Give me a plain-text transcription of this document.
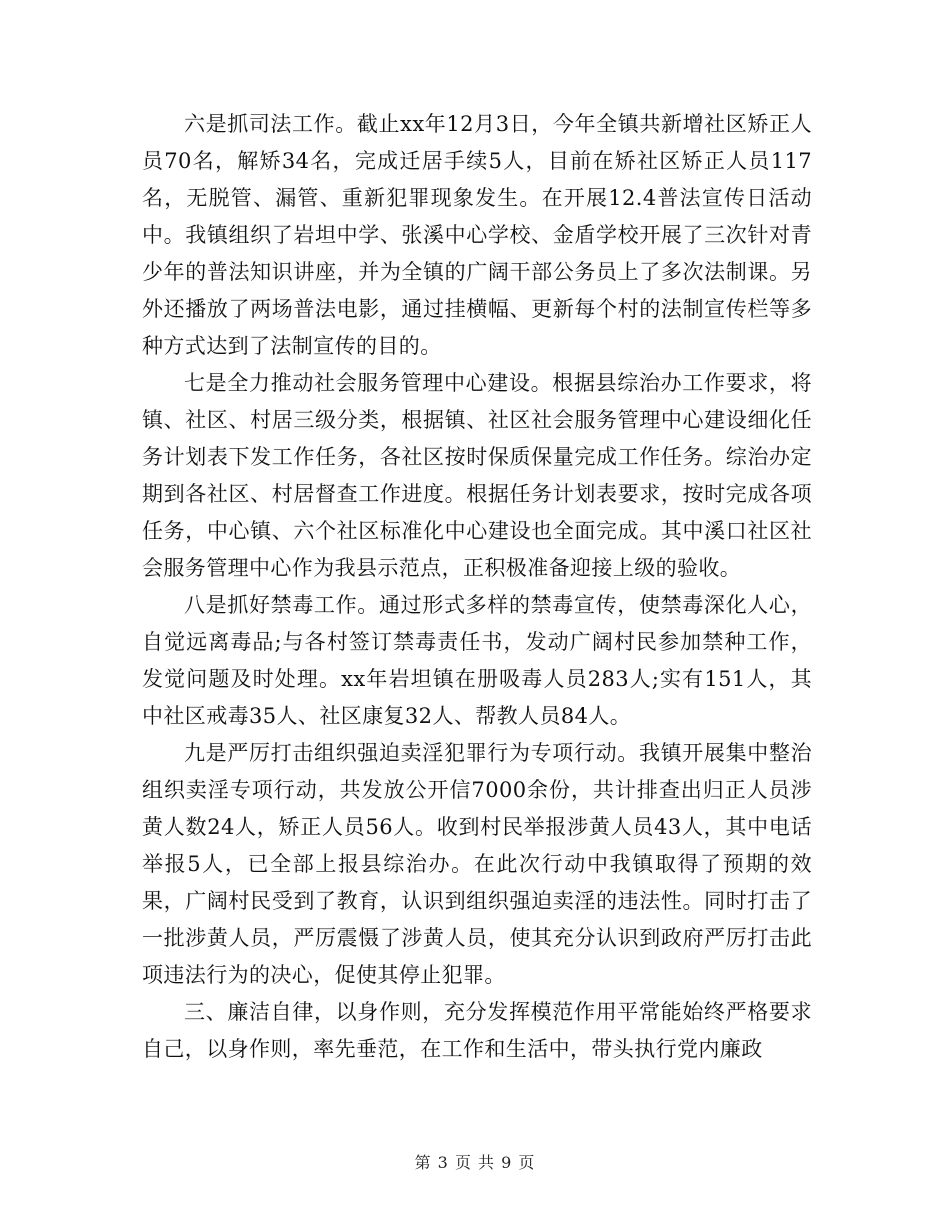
六是抓司法工作。截止xx年12月3日，今年全镇共新增社区矫正人员70名，解矫34名，完成迁居手续5人，目前在矫社区矫正人员117名，无脱管、漏管、重新犯罪现象发生。在开展12.4普法宣传日活动中。我镇组织了岩坦中学、张溪中心学校、金盾学校开展了三次针对青少年的普法知识讲座，并为全镇的广阔干部公务员上了多次法制课。另外还播放了两场普法电影，通过挂横幅、更新每个村的法制宣传栏等多种方式达到了法制宣传的目的。

七是全力推动社会服务管理中心建设。根据县综治办工作要求，将镇、社区、村居三级分类，根据镇、社区社会服务管理中心建设细化任务计划表下发工作任务，各社区按时保质保量完成工作任务。综治办定期到各社区、村居督查工作进度。根据任务计划表要求，按时完成各项任务，中心镇、六个社区标准化中心建设也全面完成。其中溪口社区社会服务管理中心作为我县示范点，正积极准备迎接上级的验收。

八是抓好禁毒工作。通过形式多样的禁毒宣传，使禁毒深化人心，自觉远离毒品;与各村签订禁毒责任书，发动广阔村民参加禁种工作，发觉问题及时处理。xx年岩坦镇在册吸毒人员283人;实有151人，其中社区戒毒35人、社区康复32人、帮教人员84人。

九是严厉打击组织强迫卖淫犯罪行为专项行动。我镇开展集中整治组织卖淫专项行动，共发放公开信7000余份，共计排查出归正人员涉黄人数24人，矫正人员56人。收到村民举报涉黄人员43人，其中电话举报5人，已全部上报县综治办。在此次行动中我镇取得了预期的效果，广阔村民受到了教育，认识到组织强迫卖淫的违法性。同时打击了一批涉黄人员，严厉震慑了涉黄人员，使其充分认识到政府严厉打击此项违法行为的决心，促使其停止犯罪。

三、廉洁自律，以身作则，充分发挥模范作用平常能始终严格要求自己，以身作则，率先垂范，在工作和生活中，带头执行党内廉政

第 3 页 共 9 页
